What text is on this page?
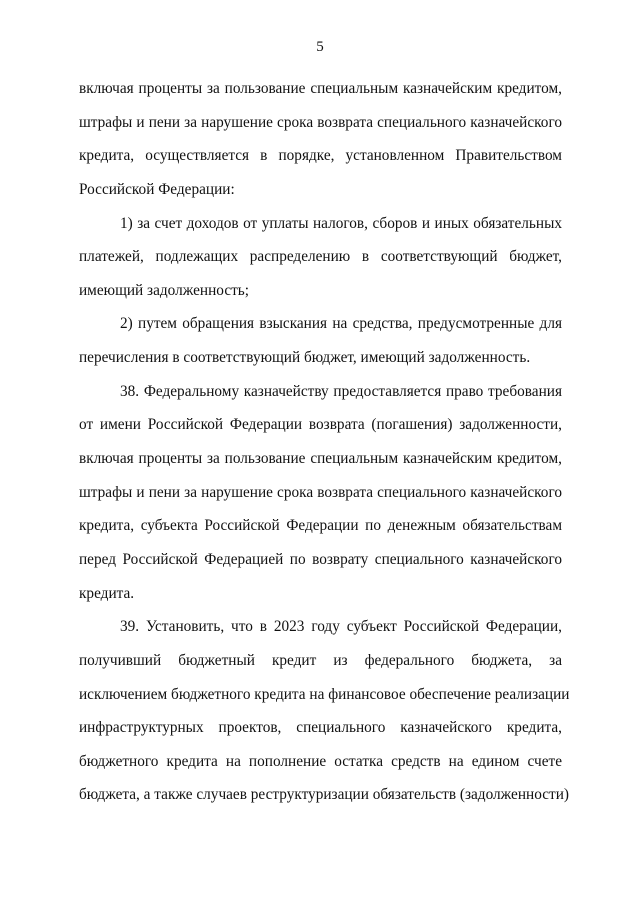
5
включая проценты за пользование специальным казначейским кредитом,
штрафы и пени за нарушение срока возврата специального казначейского
кредита, осуществляется в порядке, установленном Правительством
Российской Федерации:
1) за счет доходов от уплаты налогов, сборов и иных обязательных
платежей, подлежащих распределению в соответствующий бюджет,
имеющий задолженность;
2) путем обращения взыскания на средства, предусмотренные для
перечисления в соответствующий бюджет, имеющий задолженность.
38. Федеральному казначейству предоставляется право требования
от имени Российской Федерации возврата (погашения) задолженности,
включая проценты за пользование специальным казначейским кредитом,
штрафы и пени за нарушение срока возврата специального казначейского
кредита, субъекта Российской Федерации по денежным обязательствам
перед Российской Федерацией по возврату специального казначейского
кредита.
39. Установить, что в 2023 году субъект Российской Федерации,
получивший бюджетный кредит из федерального бюджета, за
исключением бюджетного кредита на финансовое обеспечение реализации
инфраструктурных проектов, специального казначейского кредита,
бюджетного кредита на пополнение остатка средств на едином счете
бюджета, а также случаев реструктуризации обязательств (задолженности)
